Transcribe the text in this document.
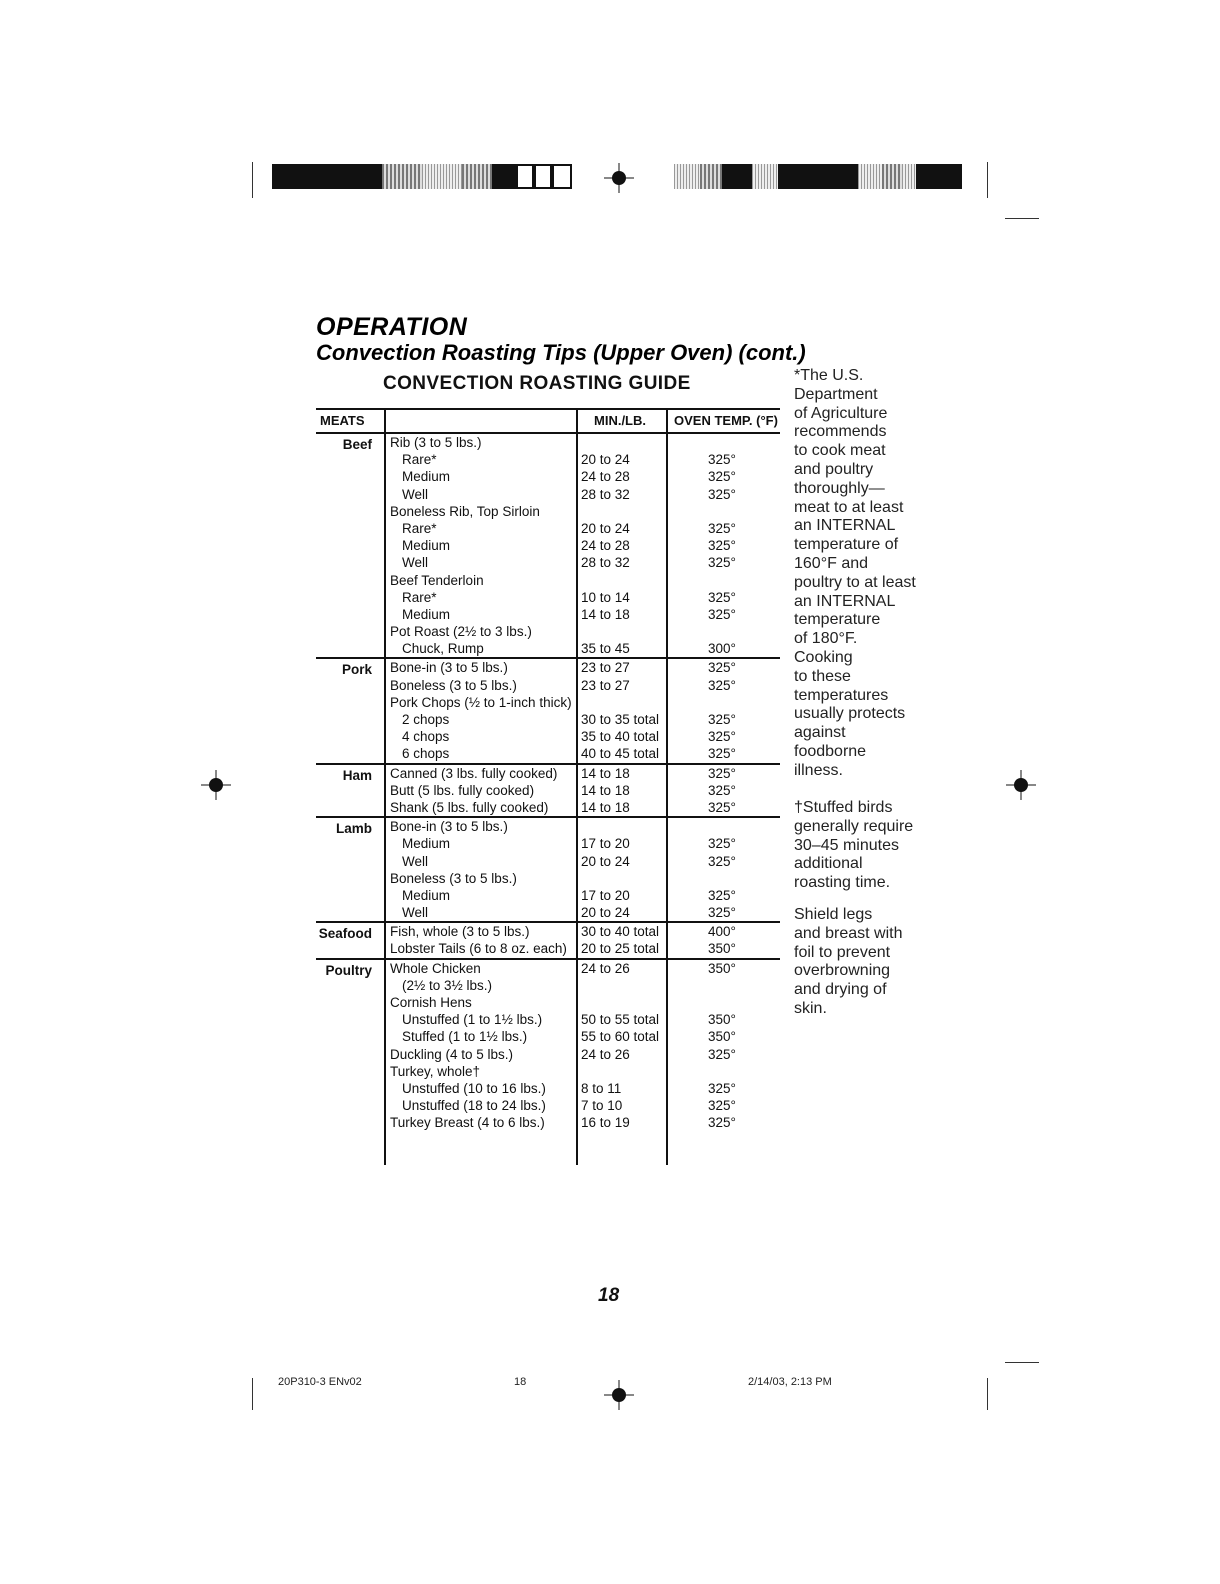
OPERATION
Convection Roasting Tips (Upper Oven) (cont.)
CONVECTION ROASTING GUIDE
MEATS	MIN./LB. OVEN TEMP. (°F)
Beef Rib (3 to 5 lbs.)
Rare*	20 to 24	325°
Medium	24 to 28	325°
Well	28 to 32	325°
Boneless Rib, Top Sirloin
Rare*	20 to 24	325°
Medium	24 to 28	325°
Well	28 to 32	325°
Beef Tenderloin
Rare*	10 to 14	325°
Medium	14 to 18	325°
Pot Roast (2½ to 3 lbs.)
Chuck, Rump	35 to 45	300°
Pork Bone-in (3 to 5 lbs.)	23 to 27	325°
Boneless (3 to 5 lbs.)	23 to 27	325°
Pork Chops (½ to 1-inch thick)
2 chops	30 to 35 total	325°
4 chops	35 to 40 total	325°
6 chops	40 to 45 total	325°
Ham Canned (3 lbs. fully cooked) 14 to 18	325°
Butt (5 lbs. fully cooked)	14 to 18	325°
Shank (5 lbs. fully cooked) 14 to 18	325°
Lamb Bone-in (3 to 5 lbs.)
Medium	17 to 20	325°
Well	20 to 24	325°
Boneless (3 to 5 lbs.)
Medium	17 to 20	325°
Well	20 to 24	325°
Seafood Fish, whole (3 to 5 lbs.)	30 to 40 total	400°
Lobster Tails (6 to 8 oz. each) 20 to 25 total	350°
Poultry Whole Chicken	24 to 26	350°
(2½ to 3½ lbs.)
Cornish Hens
Unstuffed (1 to 1½ lbs.)	50 to 55 total	350°
Stuffed (1 to 1½ lbs.)	55 to 60 total	350°
Duckling (4 to 5 lbs.)	24 to 26	325°
Turkey, whole†
Unstuffed (10 to 16 lbs.)	8 to 11	325°
Unstuffed (18 to 24 lbs.)	7 to 10	325°
Turkey Breast (4 to 6 lbs.)	16 to 19	325°
*The U.S.
Department
of Agriculture
recommends
to cook meat
and poultry
thoroughly—
meat to at least
an INTERNAL
temperature of
160°F and
poultry to at least
an INTERNAL
temperature
of 180°F.
Cooking
to these
temperatures
usually protects
against
foodborne
illness.
†Stuffed birds
generally require
30–45 minutes
additional
roasting time.
Shield legs
and breast with
foil to prevent
overbrowning
and drying of
skin.
18
20P310-3 ENv02	18	2/14/03, 2:13 PM
